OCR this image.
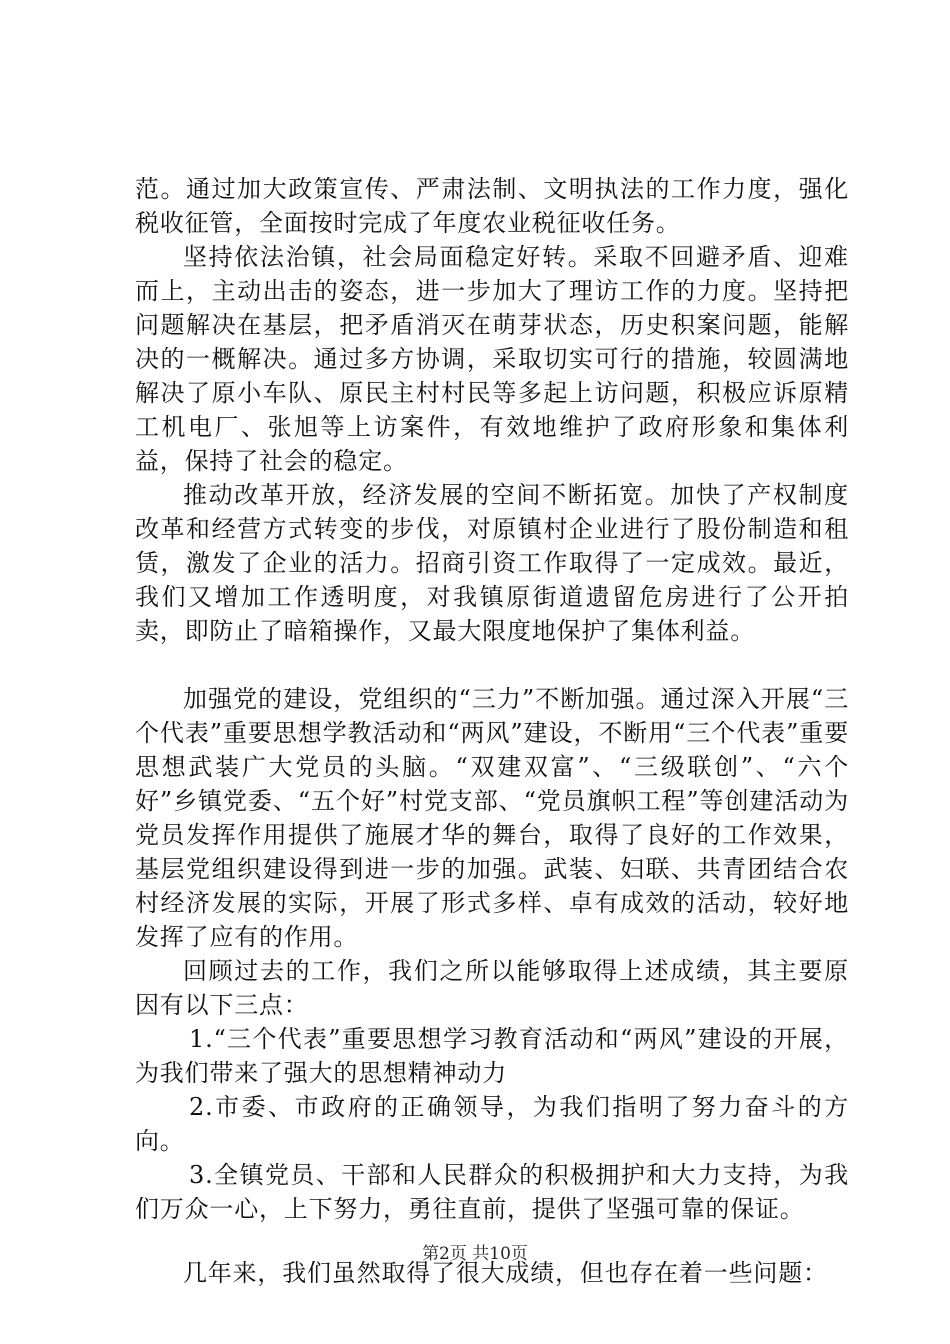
范。通过加大政策宣传、严肃法制、文明执法的工作力度，强化税收征管，全面按时完成了年度农业税征收任务。

坚持依法治镇，社会局面稳定好转。采取不回避矛盾、迎难而上，主动出击的姿态，进一步加大了理访工作的力度。坚持把问题解决在基层，把矛盾消灭在萌芽状态，历史积案问题，能解决的一概解决。通过多方协调，采取切实可行的措施，较圆满地解决了原小车队、原民主村村民等多起上访问题，积极应诉原精工机电厂、张旭等上访案件，有效地维护了政府形象和集体利益，保持了社会的稳定。

推动改革开放，经济发展的空间不断拓宽。加快了产权制度改革和经营方式转变的步伐，对原镇村企业进行了股份制造和租赁，激发了企业的活力。招商引资工作取得了一定成效。最近，我们又增加工作透明度，对我镇原街道遗留危房进行了公开拍卖，即防止了暗箱操作，又最大限度地保护了集体利益。

加强党的建设，党组织的“三力”不断加强。通过深入开展“三个代表”重要思想学教活动和“两风”建设，不断用“三个代表”重要思想武装广大党员的头脑。“双建双富”、“三级联创”、“六个好”乡镇党委、“五个好”村党支部、“党员旗帜工程”等创建活动为党员发挥作用提供了施展才华的舞台，取得了良好的工作效果，基层党组织建设得到进一步的加强。武装、妇联、共青团结合农村经济发展的实际，开展了形式多样、卓有成效的活动，较好地发挥了应有的作用。

回顾过去的工作，我们之所以能够取得上述成绩，其主要原因有以下三点：

1.“三个代表”重要思想学习教育活动和“两风”建设的开展，为我们带来了强大的思想精神动力

2.市委、市政府的正确领导，为我们指明了努力奋斗的方向。

3.全镇党员、干部和人民群众的积极拥护和大力支持，为我们万众一心，上下努力，勇往直前，提供了坚强可靠的保证。

几年来，我们虽然取得了很大成绩，但也存在着一些问题：

第2页 共10页
